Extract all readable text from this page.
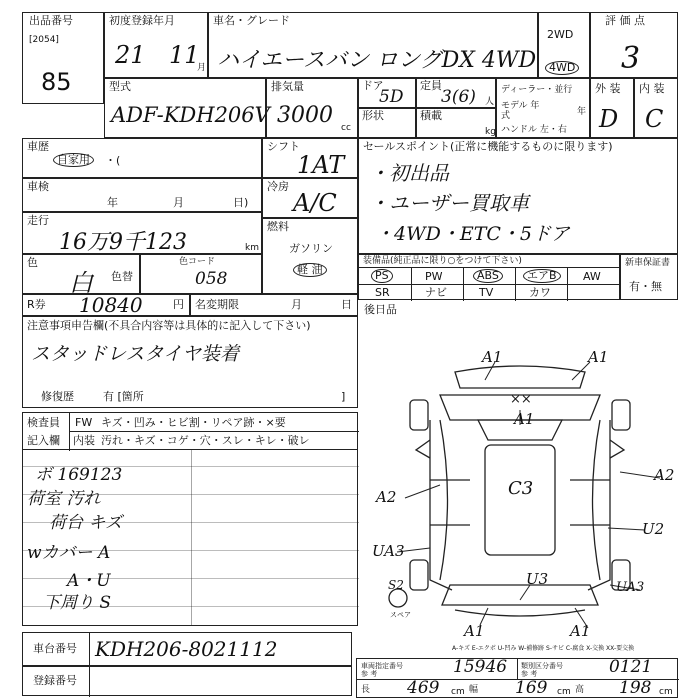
出品番号
[2054]
85
初度登録年月
21 11
月
車名・グレード
ハイエースバン ロングDX 4WD
2WD
4WD
評 価 点
3
型式
ADF-KDH206V
排気量
3000 cc
ドア
5D
定員
3(6) 人
形状	積載
kg
ディーラー・並行
モデル 年式	年
ハンドル 左・右
外 装
D
内 装
C
車歴
自家用	・(
車検
年	月	日)
走行
16万9千123	km
色
白 色替
色コード
058
R券 10840	円 名変期限	月	日
シフト
1AT
冷房
A/C
燃料
ガソリン
軽 油
セールスポイント(正常に機能するものに限ります)
・初出品
・ユーザー買取車
・4WD・ETC・5ドア
装備品(純正品に限り○をつけて下さい)
PS	PW	ABS	エアB	AW
SR	ナビ	TV	カワ
新車保証書
有・無
後日品
注意事項申告欄(不具合内容等は具体的に記入して下さい)
スタッドレスタイヤ装着
修復歴	有 [箇所	]
検査員
記入欄
FW キズ・凹み・ヒビ割・リペア跡・×要
内装 汚れ・キズ・コゲ・穴・スレ・キレ・破レ
ボ 169123
荷室 汚れ
荷台 キズ
wカバー A
A・U
下周り S
A1	A1
××
A1
C3
A2
A2
U2
UA3
UA3
U3
S2
スペア
A1	A1
A-キズ E-エクボ U-凹み W-補修跡 S-サビ C-腐食 X-交換 XX-要交換
車台番号 KDH206-8021112
登録番号
車両指定番号
参 考	15946 類別区分番号
参 考	0121
長 469 cm 幅 169 cm 高 198 cm
